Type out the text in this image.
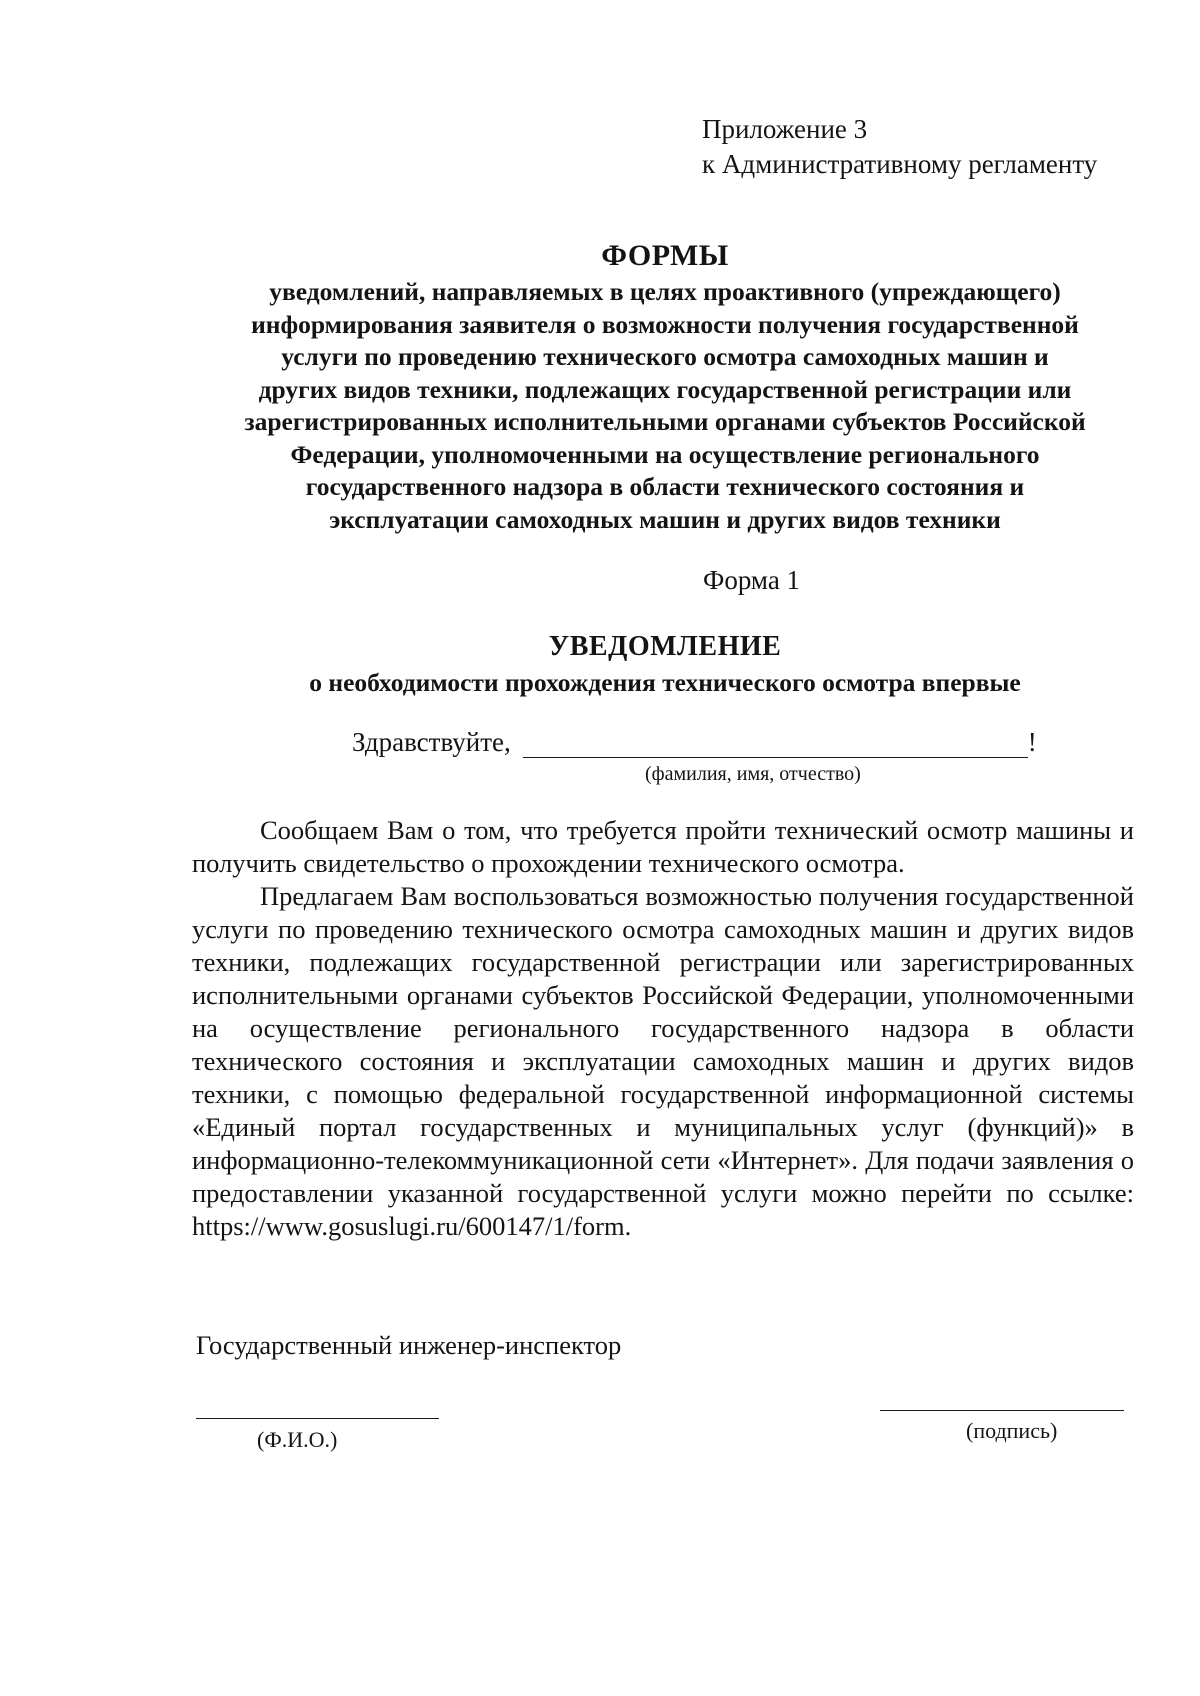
Приложение 3
к Административному регламенту
ФОРМЫ
уведомлений, направляемых в целях проактивного (упреждающего)
информирования заявителя о возможности получения государственной
услуги по проведению технического осмотра самоходных машин и
других видов техники, подлежащих государственной регистрации или
зарегистрированных исполнительными органами субъектов Российской
Федерации, уполномоченными на осуществление регионального
государственного надзора в области технического состояния и
эксплуатации самоходных машин и других видов техники
Форма 1
УВЕДОМЛЕНИЕ
о необходимости прохождения технического осмотра впервые
Здравствуйте,	!
(фамилия, имя, отчество)

Сообщаем Вам о том, что требуется пройти технический осмотр машины и получить свидетельство о прохождении технического осмотра.

Предлагаем Вам воспользоваться возможностью получения государственной услуги по проведению технического осмотра самоходных машин и других видов техники, подлежащих государственной регистрации или зарегистрированных исполнительными органами субъектов Российской Федерации, уполномоченными на осуществление регионального государственного надзора в области технического состояния и эксплуатации самоходных машин и других видов техники, с помощью федеральной государственной информационной системы «Единый портал государственных и муниципальных услуг (функций)» в информационно-телекоммуникационной сети «Интернет». Для подачи заявления о предоставлении указанной государственной услуги можно перейти по ссылке: https://www.gosuslugi.ru/600147/1/form.

Государственный инженер-инспектор
(Ф.И.О.)	(подпись)
